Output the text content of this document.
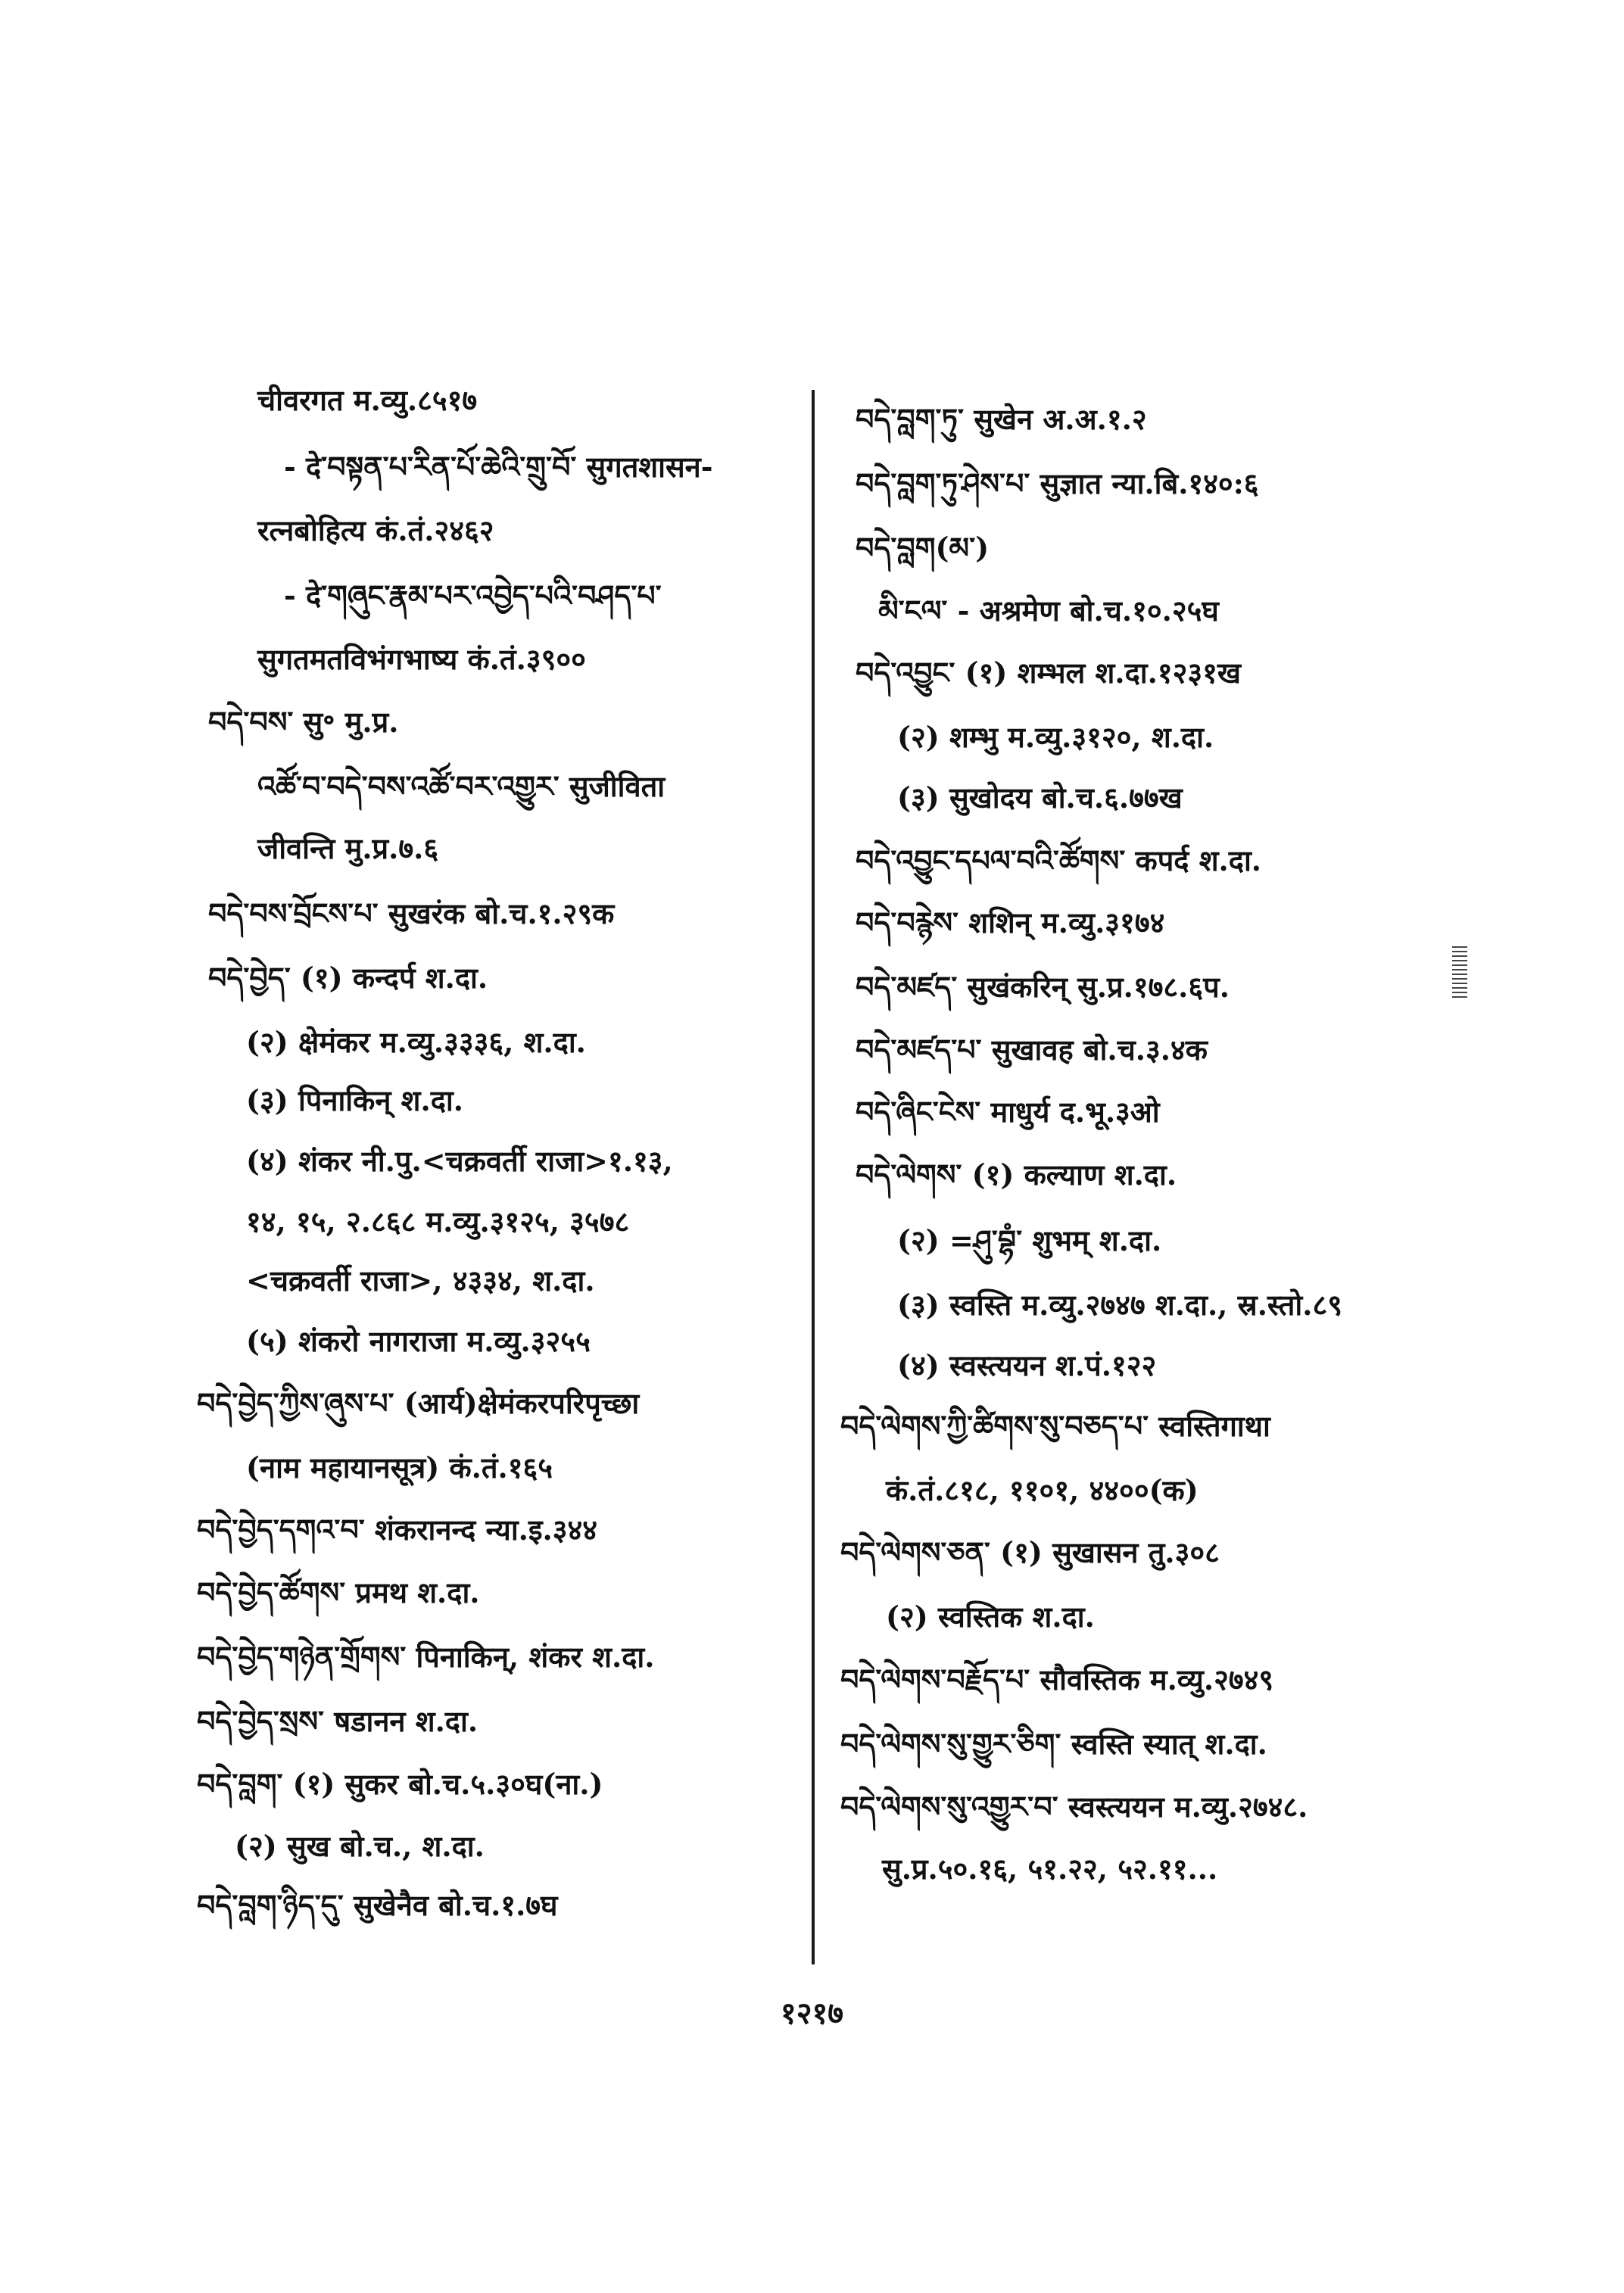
चीवरगत म.व्यु.८५१७
- दे་བསྟན་པ་རིན་པོ་ཆེའི་གྲུ་བོ་ सुगतशासन-
रत्नबोहित्य कं.तं.२४६२
- दे་གཞུང་རྣམ་པར་འབྱེད་པའི་བཤད་པ་
सुगतमतविभंगभाष्य कं.तं.३९००
བདེ་བས་ सु॰ मु.प्र.
འཚོ་བ་བདེ་བས་འཚོ་བར་འགྱུར་ सुजीविता
जीवन्ति मु.प्र.७.६
བདེ་བས་བྲོངས་པ་ सुखरंक बो.च.१.२९क
བདེ་བྱེད་ (१) कन्दर्प श.दा.
(२) क्षेमंकर म.व्यु.३३३६, श.दा.
(३) पिनाकिन् श.दा.
(४) शंकर नी.पु.<चक्रवर्ती राजा>१.१३,
१४, १५, २.८६८ म.व्यु.३१२५, ३५७८
<चक्रवर्ती राजा>, ४३३४, श.दा.
(५) शंकरो नागराजा म.व्यु.३२५५
བདེ་བྱེད་ཀྱིས་ཞུས་པ་ (आर्य)क्षेमंकरपरिपृच्छा
(नाम महायानसूत्र) कं.तं.१६५
བདེ་བྱེད་དགའ་བ་ शंकरानन्द न्या.इ.३४४
བདེ་བྱེད་ཚོགས་ प्रमथ श.दा.
བདེ་བྱེད་གཉེན་གྲོགས་ पिनाकिन्, शंकर श.दा.
བདེ་བྱེད་སྲས་ षडानन श.दा.
བདེ་བླག་ (१) सुकर बो.च.५.३०घ(ना.)
(२) सुख बो.च., श.दा.
བདེ་བླག་ཉིད་དུ་ सुखेनैव बो.च.१.७घ
བདེ་བླག་ཏུ་ सुखेन अ.अ.१.२
བདེ་བླག་ཏུ་ཤེས་པ་ सुज्ञात न्या.बि.१४०:६
བདེ་བླག(མ་)
མི་ངལ་ - अश्रमेण बो.च.१०.२५घ
བདེ་འབྱུང་ (१) शम्भल श.दा.१२३१ख
(२) शम्भु म.व्यु.३१२०, श.दा.
(३) सुखोदय बो.च.६.७७ख
བདེ་འབྱུང་དཔལ་བའི་ཚོགས་ कपर्द श.दा.
བདེ་བརྙེས་ शशिन् म.व्यु.३१७४
བདེ་མཛད་ सुखंकरिन् सु.प्र.१७८.६प.
བདེ་མཛད་པ་ सुखावह बो.च.३.४क
བདེ་ཞིང་ངེས་ माधुर्य द.भू.३ओ
བདེ་ལེགས་ (१) कल्याण श.दा.
(२) =ཤུ་བྷཾ་ शुभम् श.दा.
(३) स्वस्ति म.व्यु.२७४७ श.दा., स्र.स्तो.८९
(४) स्वस्त्ययन श.पं.१२२
བདེ་ལེགས་ཀྱི་ཚིགས་སུ་བཅད་པ་ स्वस्तिगाथा
कं.तं.८१८, ११०१, ४४००(क)
བདེ་ལེགས་ཅན་ (१) सुखासन तु.३०८
(२) स्वस्तिक श.दा.
བདེ་ལེགས་བརྗོད་པ་ सौवस्तिक म.व्यु.२७४९
བདེ་ལེགས་སུ་གྱུར་ཅིག་ स्वस्ति स्यात् श.दा.
བདེ་ལེགས་སུ་འགྱུར་བ་ स्वस्त्ययन म.व्यु.२७४८.
सु.प्र.५०.१६, ५१.२२, ५२.११...
१२१७
